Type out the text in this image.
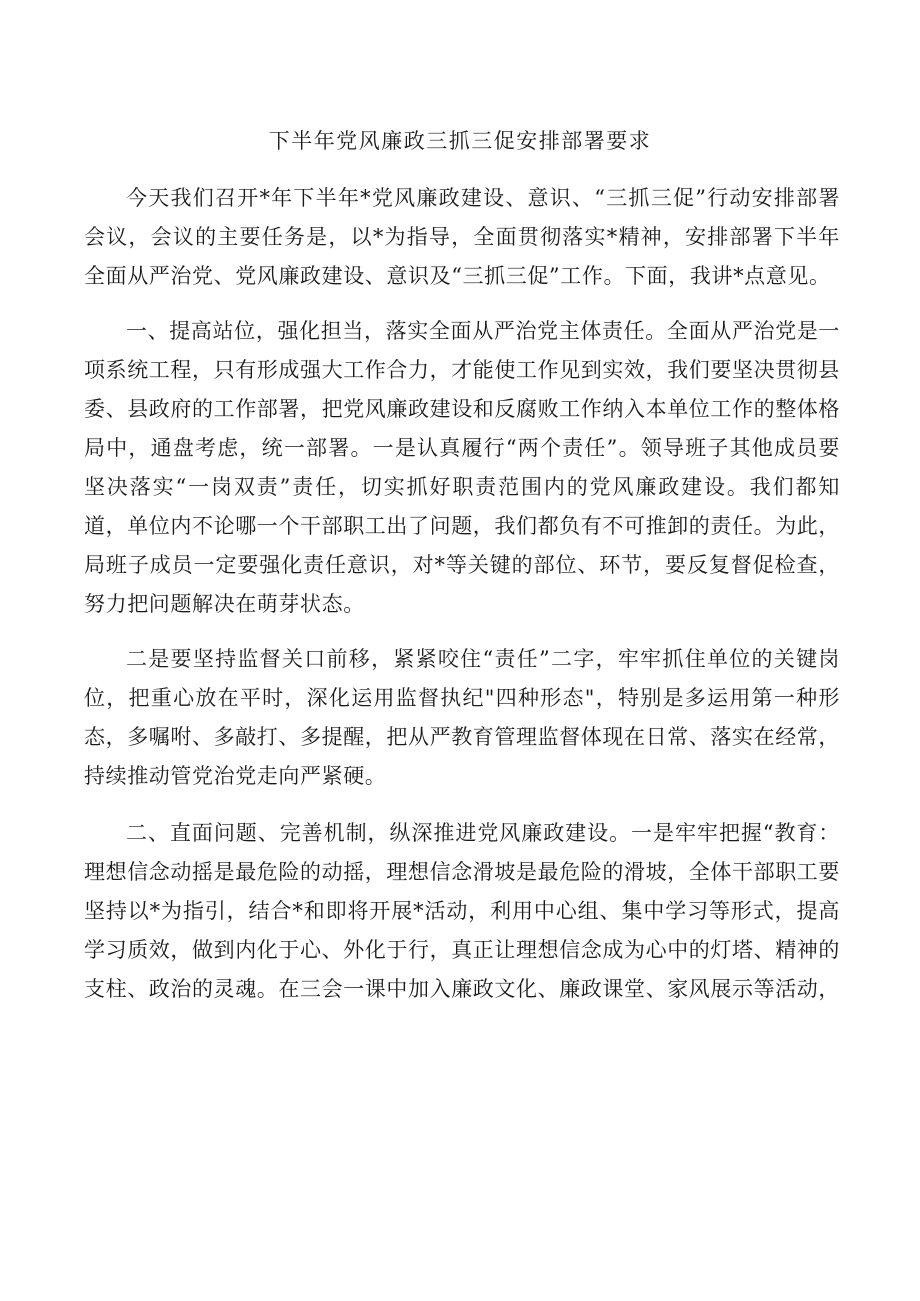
下半年党风廉政三抓三促安排部署要求

今天我们召开*年下半年*党风廉政建设、意识、“三抓三促”行动安排部署会议，会议的主要任务是，以*为指导，全面贯彻落实*精神，安排部署下半年全面从严治党、党风廉政建设、意识及“三抓三促”工作。下面，我讲*点意见。

一、提高站位，强化担当，落实全面从严治党主体责任。全面从严治党是一项系统工程，只有形成强大工作合力，才能使工作见到实效，我们要坚决贯彻县委、县政府的工作部署，把党风廉政建设和反腐败工作纳入本单位工作的整体格局中，通盘考虑，统一部署。一是认真履行“两个责任”。领导班子其他成员要坚决落实“一岗双责”责任，切实抓好职责范围内的党风廉政建设。我们都知道，单位内不论哪一个干部职工出了问题，我们都负有不可推卸的责任。为此，局班子成员一定要强化责任意识，对*等关键的部位、环节，要反复督促检查，努力把问题解决在萌芽状态。

二是要坚持监督关口前移，紧紧咬住“责任”二字，牢牢抓住单位的关键岗位，把重心放在平时，深化运用监督执纪"四种形态"，特别是多运用第一种形态，多嘱咐、多敲打、多提醒，把从严教育管理监督体现在日常、落实在经常，持续推动管党治党走向严紧硬。

二、直面问题、完善机制，纵深推进党风廉政建设。一是牢牢把握“教育：理想信念动摇是最危险的动摇，理想信念滑坡是最危险的滑坡，全体干部职工要坚持以*为指引，结合*和即将开展*活动，利用中心组、集中学习等形式，提高学习质效，做到内化于心、外化于行，真正让理想信念成为心中的灯塔、精神的支柱、政治的灵魂。在三会一课中加入廉政文化、廉政课堂、家风展示等活动，
